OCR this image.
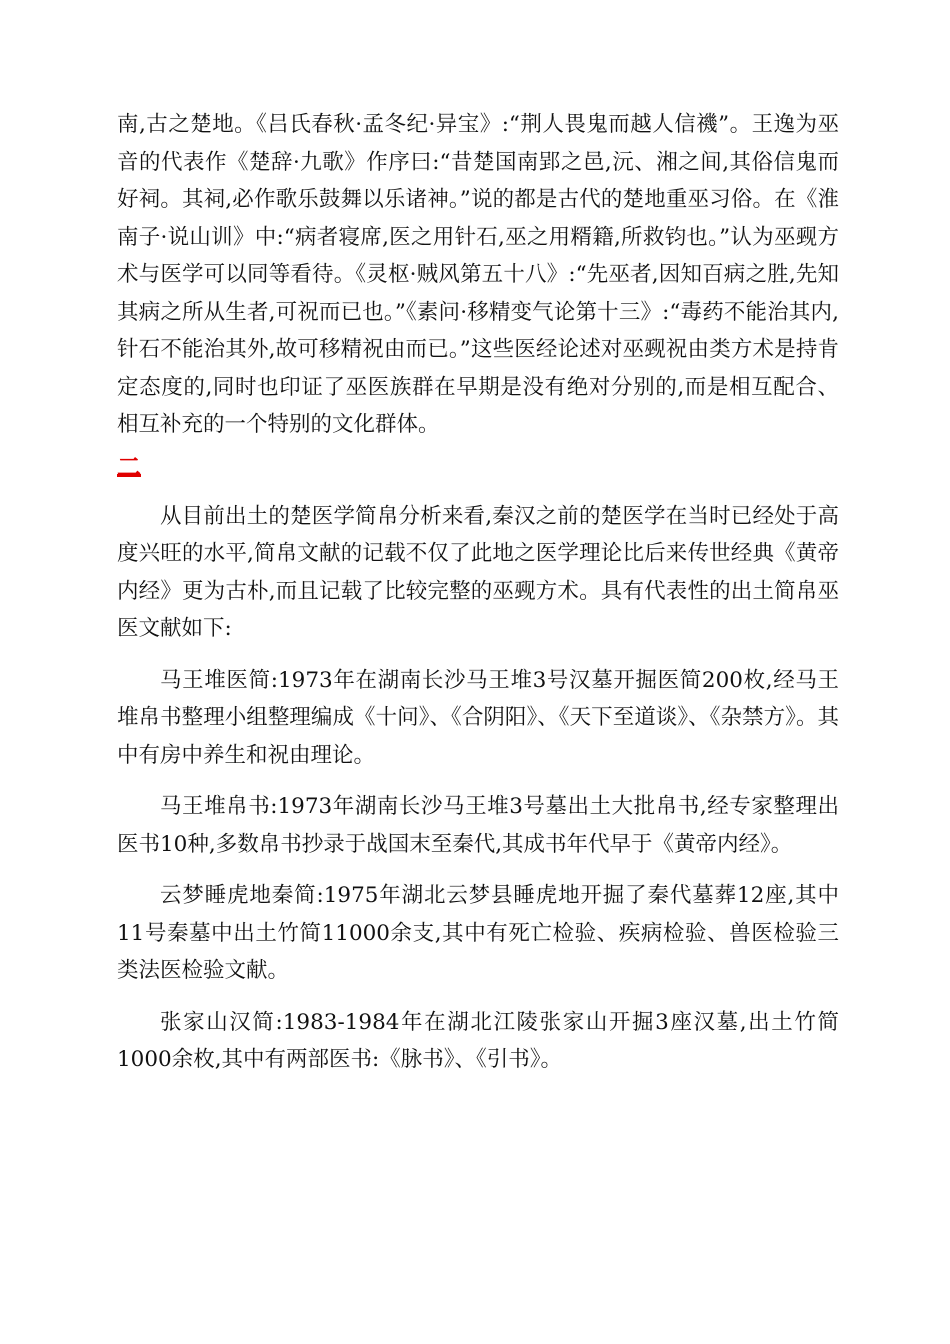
南,古之楚地。《吕氏春秋·孟冬纪·异宝》:“荆人畏鬼而越人信禨”。王逸为巫音的代表作《楚辞·九歌》作序曰:“昔楚国南郢之邑,沅、湘之间,其俗信鬼而好祠。其祠,必作歌乐鼓舞以乐诸神。”说的都是古代的楚地重巫习俗。在《淮南子·说山训》中:“病者寝席,医之用针石,巫之用糈籍,所救钧也。”认为巫觋方术与医学可以同等看待。《灵枢·贼风第五十八》:“先巫者,因知百病之胜,先知其病之所从生者,可祝而已也。”《素问·移精变气论第十三》:“毒药不能治其内,针石不能治其外,故可移精祝由而已。”这些医经论述对巫觋祝由类方术是持肯定态度的,同时也印证了巫医族群在早期是没有绝对分别的,而是相互配合、相互补充的一个特别的文化群体。

二

从目前出土的楚医学简帛分析来看,秦汉之前的楚医学在当时已经处于高度兴旺的水平,简帛文献的记载不仅了此地之医学理论比后来传世经典《黄帝内经》更为古朴,而且记载了比较完整的巫觋方术。具有代表性的出土简帛巫医文献如下:

马王堆医简:1973年在湖南长沙马王堆3号汉墓开掘医简200枚,经马王堆帛书整理小组整理编成《十问》、《合阴阳》、《天下至道谈》、《杂禁方》。其中有房中养生和祝由理论。

马王堆帛书:1973年湖南长沙马王堆3号墓出土大批帛书,经专家整理出医书10种,多数帛书抄录于战国末至秦代,其成书年代早于《黄帝内经》。

云梦睡虎地秦简:1975年湖北云梦县睡虎地开掘了秦代墓葬12座,其中11号秦墓中出土竹简11000余支,其中有死亡检验、疾病检验、兽医检验三类法医检验文献。

张家山汉简:1983-1984年在湖北江陵张家山开掘3座汉墓,出土竹简1000余枚,其中有两部医书:《脉书》、《引书》。
